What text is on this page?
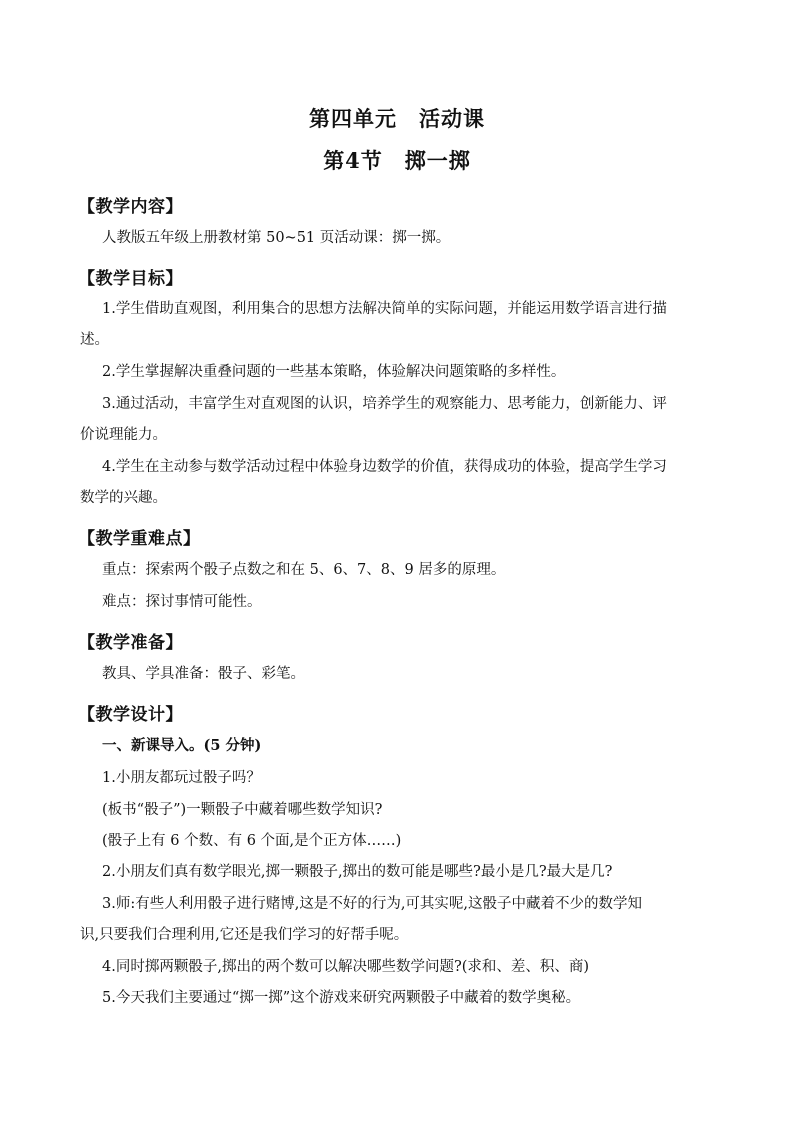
第四单元　活动课
第4节　掷一掷
【教学内容】
人教版五年级上册教材第 50~51 页活动课：掷一掷。
【教学目标】
1.学生借助直观图，利用集合的思想方法解决简单的实际问题，并能运用数学语言进行描
述。
2.学生掌握解决重叠问题的一些基本策略，体验解决问题策略的多样性。
3.通过活动，丰富学生对直观图的认识，培养学生的观察能力、思考能力，创新能力、评
价说理能力。
4.学生在主动参与数学活动过程中体验身边数学的价值，获得成功的体验，提高学生学习
数学的兴趣。
【教学重难点】
重点：探索两个骰子点数之和在 5、6、7、8、9 居多的原理。
难点：探讨事情可能性。
【教学准备】
教具、学具准备：骰子、彩笔。
【教学设计】
一、新课导入。(5 分钟)
1.小朋友都玩过骰子吗？
(板书“骰子”)一颗骰子中藏着哪些数学知识?
(骰子上有 6 个数、有 6 个面,是个正方体……)
2.小朋友们真有数学眼光,掷一颗骰子,掷出的数可能是哪些?最小是几?最大是几?
3.师:有些人利用骰子进行赌博,这是不好的行为,可其实呢,这骰子中藏着不少的数学知
识,只要我们合理利用,它还是我们学习的好帮手呢。
4.同时掷两颗骰子,掷出的两个数可以解决哪些数学问题?(求和、差、积、商)
5.今天我们主要通过“掷一掷”这个游戏来研究两颗骰子中藏着的数学奥秘。
